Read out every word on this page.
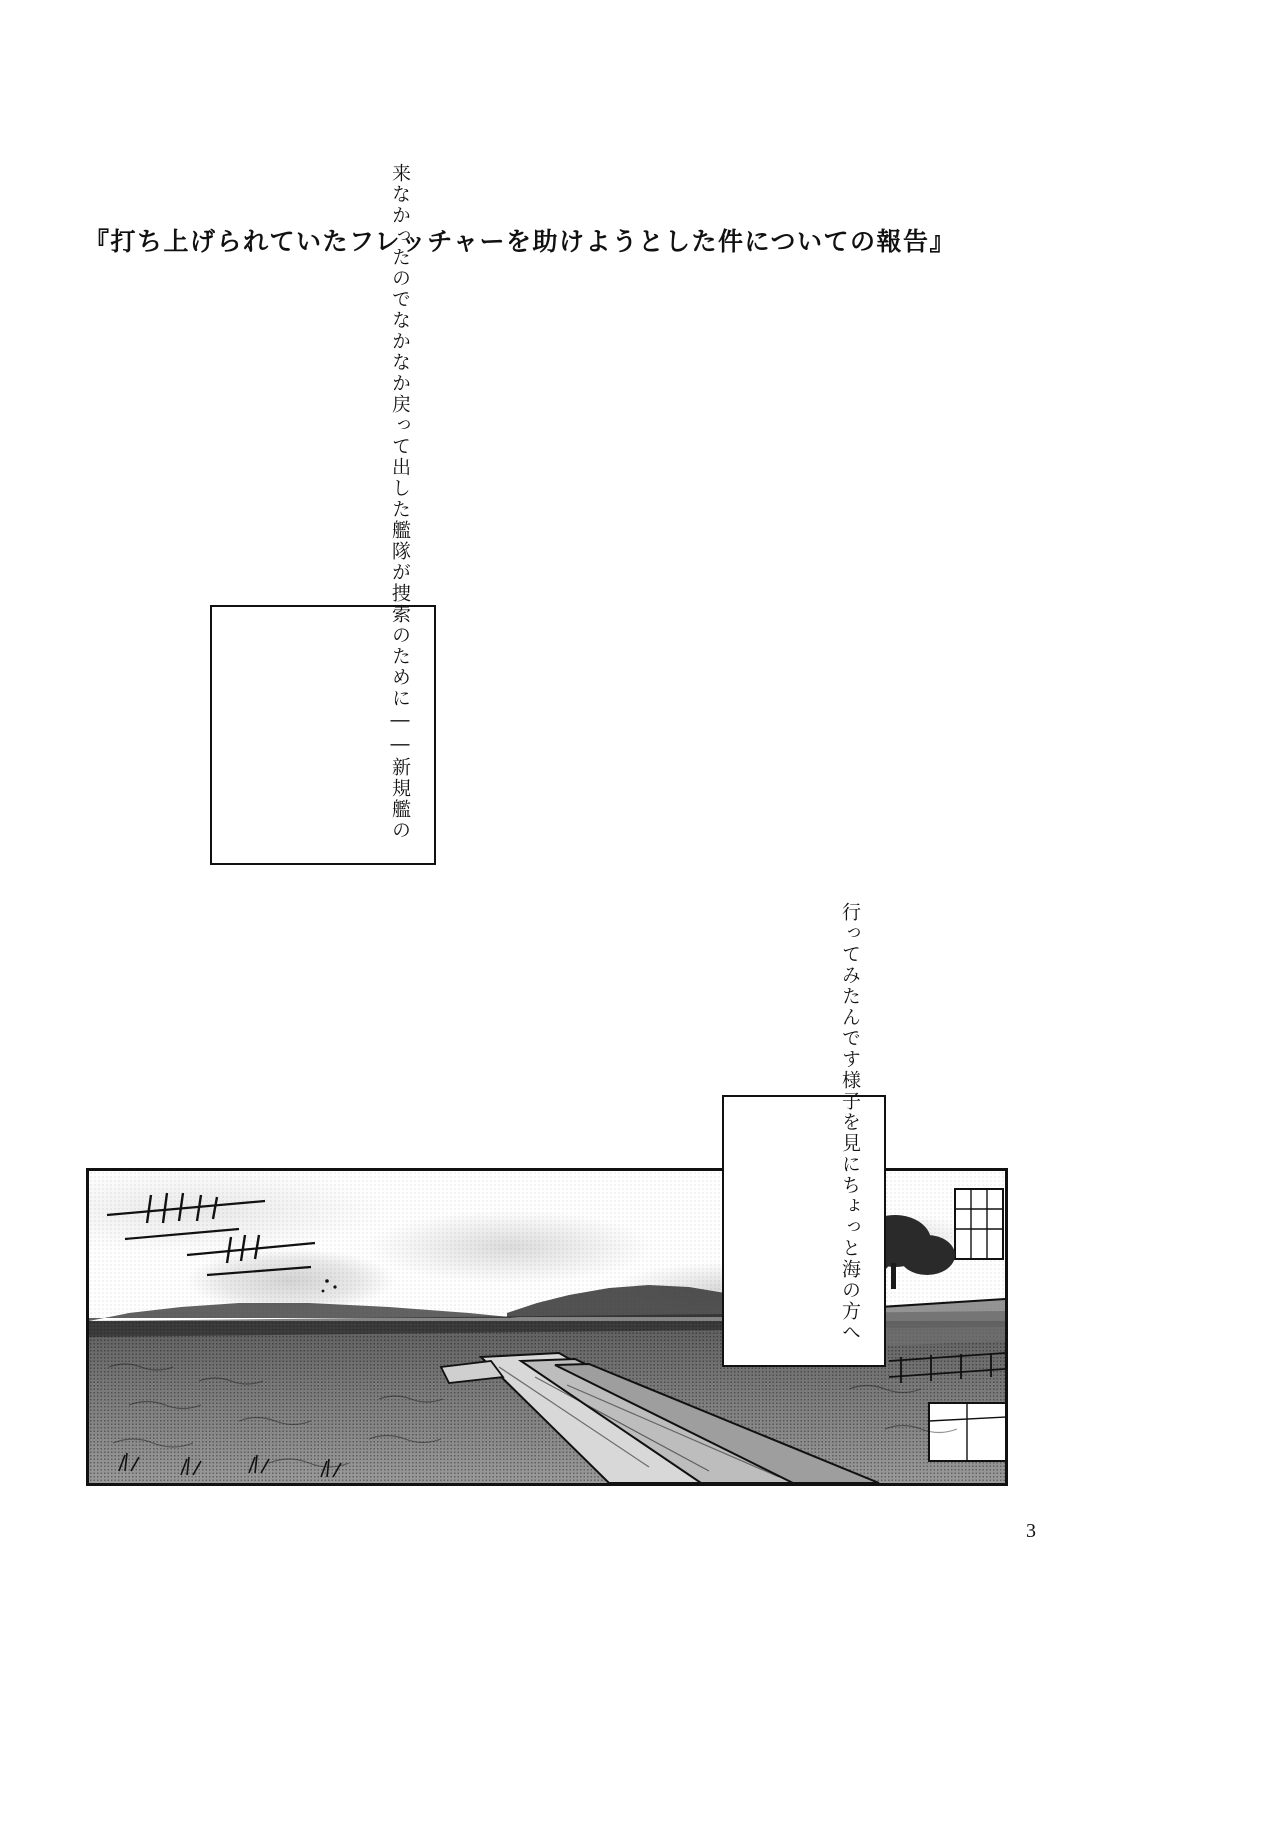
『打ち上げられていたフレッチャーを助けようとした件についての報告』

――新規艦の

捜索のために

出した艦隊が

なかなか戻って

来なかったので

ちょっと海の方へ

様子を見に

行ってみたんです

3
